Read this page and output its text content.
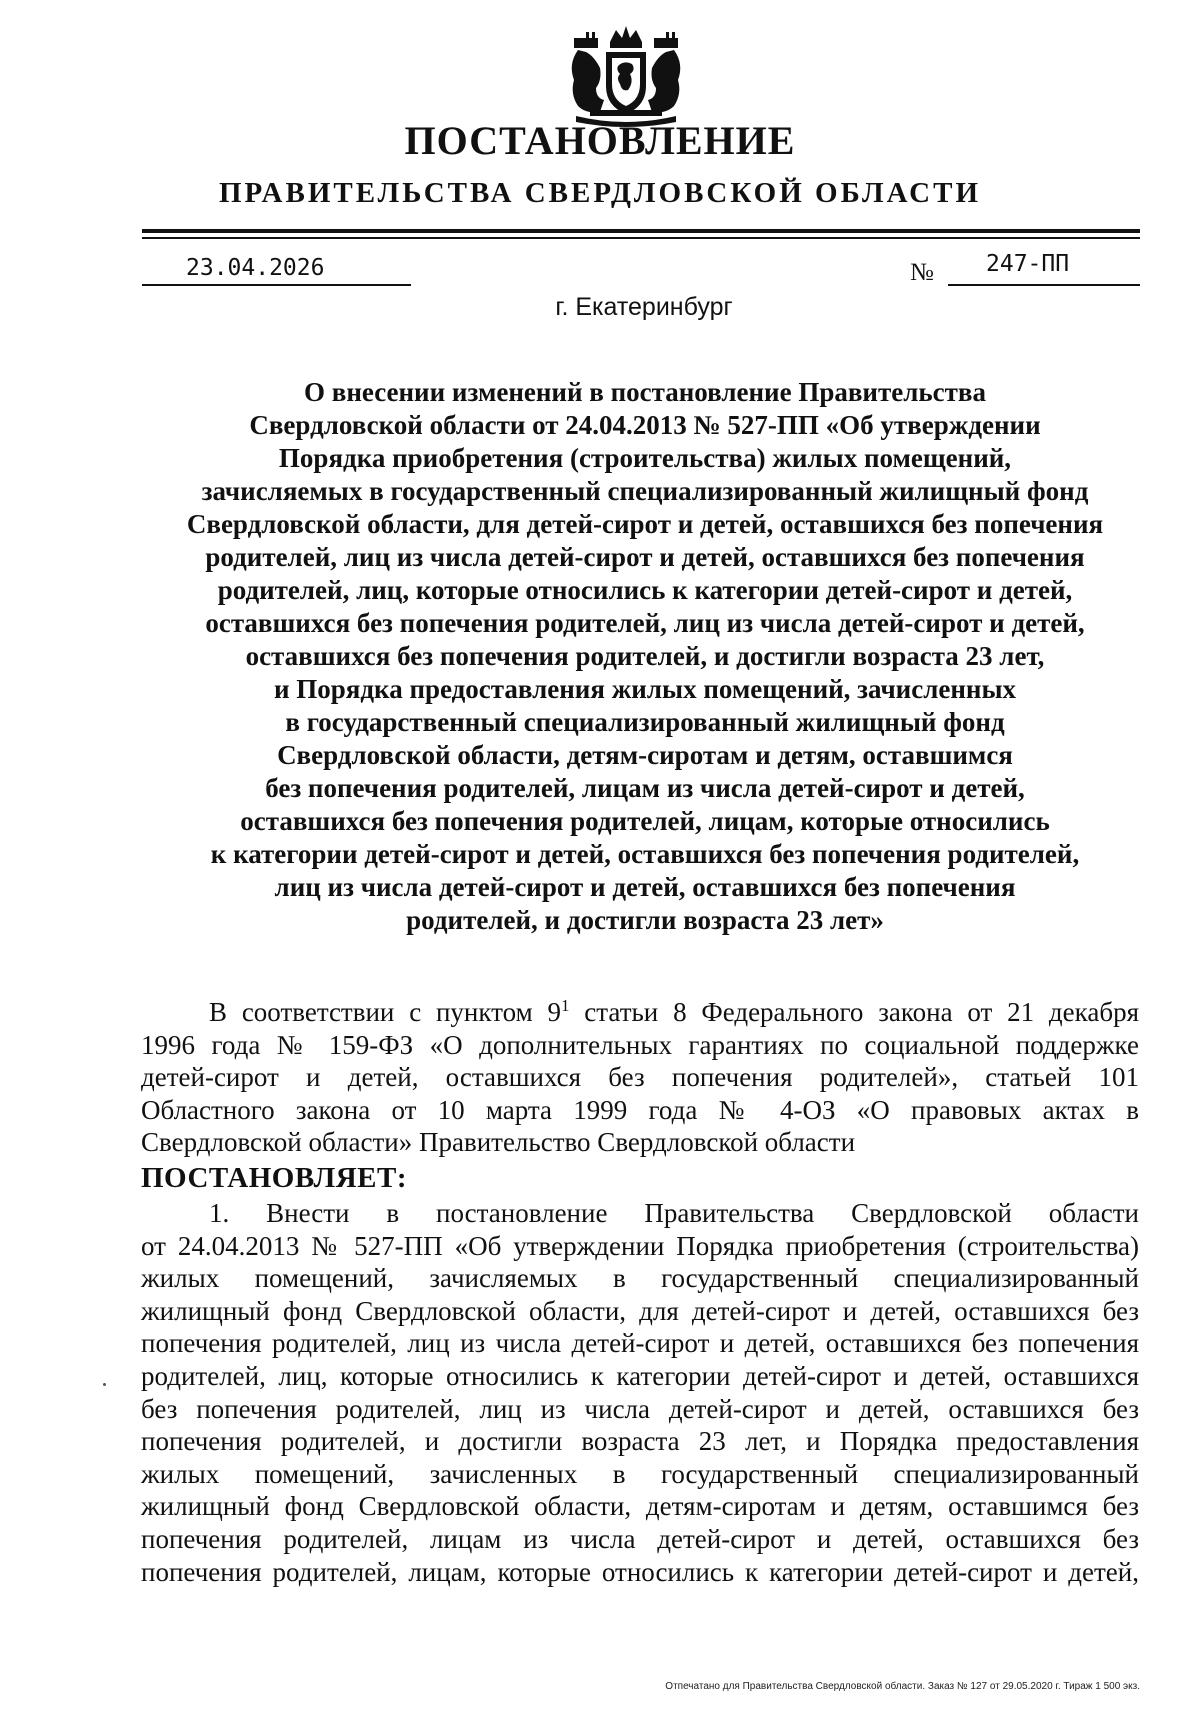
ПОСТАНОВЛЕНИЕ
ПРАВИТЕЛЬСТВА СВЕРДЛОВСКОЙ ОБЛАСТИ
23.04.2026	№ 247-ПП
г. Екатеринбург
О внесении изменений в постановление Правительства
Свердловской области от 24.04.2013 № 527-ПП «Об утверждении
Порядка приобретения (строительства) жилых помещений,
зачисляемых в государственный специализированный жилищный фонд
Свердловской области, для детей-сирот и детей, оставшихся без попечения
родителей, лиц из числа детей-сирот и детей, оставшихся без попечения
родителей, лиц, которые относились к категории детей-сирот и детей,
оставшихся без попечения родителей, лиц из числа детей-сирот и детей,
оставшихся без попечения родителей, и достигли возраста 23 лет,
и Порядка предоставления жилых помещений, зачисленных
в государственный специализированный жилищный фонд
Свердловской области, детям-сиротам и детям, оставшимся
без попечения родителей, лицам из числа детей-сирот и детей,
оставшихся без попечения родителей, лицам, которые относились
к категории детей-сирот и детей, оставшихся без попечения родителей,
лиц из числа детей-сирот и детей, оставшихся без попечения
родителей, и достигли возраста 23 лет»
В соответствии с пунктом $9^1$ статьи 8 Федерального закона от 21 декабря
1996 года № 159-ФЗ «О дополнительных гарантиях по социальной поддержке
детей-сирот и детей, оставшихся без попечения родителей», статьей 101
Областного закона от 10 марта 1999 года № 4-ОЗ «О правовых актах в
Свердловской области» Правительство Свердловской области
ПОСТАНОВЛЯЕТ:
1. Внести в постановление Правительства Свердловской области
от 24.04.2013 № 527-ПП «Об утверждении Порядка приобретения (строительства)
жилых помещений, зачисляемых в государственный специализированный
жилищный фонд Свердловской области, для детей-сирот и детей, оставшихся без
попечения родителей, лиц из числа детей-сирот и детей, оставшихся без попечения
родителей, лиц, которые относились к категории детей-сирот и детей, оставшихся
без попечения родителей, лиц из числа детей-сирот и детей, оставшихся без
попечения родителей, и достигли возраста 23 лет, и Порядка предоставления
жилых помещений, зачисленных в государственный специализированный
жилищный фонд Свердловской области, детям-сиротам и детям, оставшимся без
попечения родителей, лицам из числа детей-сирот и детей, оставшихся без
попечения родителей, лицам, которые относились к категории детей-сирот и детей,
Отпечатано для Правительства Свердловской области. Заказ № 127 от 29.05.2020 г. Тираж 1 500 экз.
